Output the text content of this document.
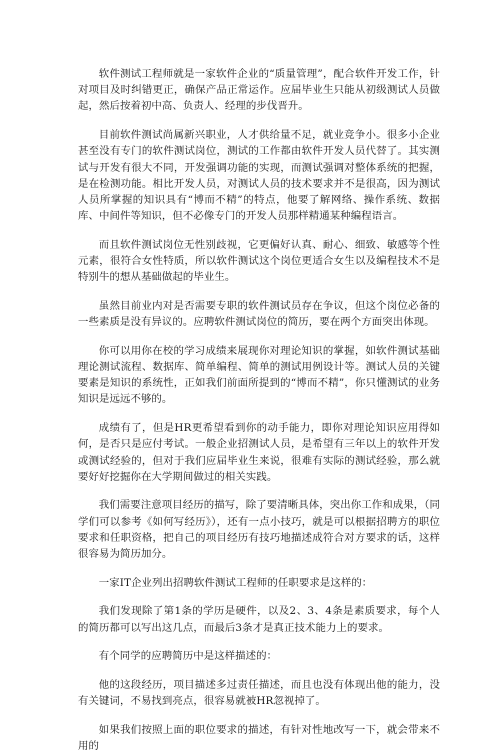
软件测试工程师就是一家软件企业的“质量管理”，配合软件开发工作，针对项目及时纠错更正，确保产品正常运作。应届毕业生只能从初级测试人员做起，然后按着初中高、负责人、经理的步伐晋升。

目前软件测试尚属新兴职业，人才供给量不足，就业竞争小。很多小企业甚至没有专门的软件测试岗位，测试的工作都由软件开发人员代替了。其实测试与开发有很大不同，开发强调功能的实现，而测试强调对整体系统的把握，是在检测功能。相比开发人员，对测试人员的技术要求并不是很高，因为测试人员所掌握的知识具有“博而不精”的特点，他要了解网络、操作系统、数据库、中间件等知识，但不必像专门的开发人员那样精通某种编程语言。

而且软件测试岗位无性别歧视，它更偏好认真、耐心、细致、敏感等个性元素，很符合女性特质，所以软件测试这个岗位更适合女生以及编程技术不是特别牛的想从基础做起的毕业生。

虽然目前业内对是否需要专职的软件测试员存在争议，但这个岗位必备的一些素质是没有异议的。应聘软件测试岗位的简历，要在两个方面突出体现。

你可以用你在校的学习成绩来展现你对理论知识的掌握，如软件测试基础理论测试流程、数据库、简单编程、简单的测试用例设计等。测试人员的关键要素是知识的系统性，正如我们前面所提到的“博而不精”，你只懂测试的业务知识是远远不够的。

成绩有了，但是HR更希望看到你的动手能力，即你对理论知识应用得如何，是否只是应付考试。一般企业招测试人员，是希望有三年以上的软件开发或测试经验的，但对于我们应届毕业生来说，很难有实际的测试经验，那么就要好好挖掘你在大学期间做过的相关实践。

我们需要注意项目经历的描写，除了要清晰具体，突出你工作和成果，（同学们可以参考《如何写经历》），还有一点小技巧，就是可以根据招聘方的职位要求和任职资格，把自己的项目经历有技巧地描述成符合对方要求的话，这样很容易为简历加分。

一家IT企业列出招聘软件测试工程师的任职要求是这样的：

我们发现除了第1条的学历是硬件，以及2、3、4条是素质要求，每个人的简历都可以写出这几点，而最后3条才是真正技术能力上的要求。

有个同学的应聘简历中是这样描述的：

他的这段经历，项目描述多过责任描述，而且也没有体现出他的能力，没有关键词，不易找到亮点，很容易就被HR忽视掉了。

如果我们按照上面的职位要求的描述，有针对性地改写一下，就会带来不用的
